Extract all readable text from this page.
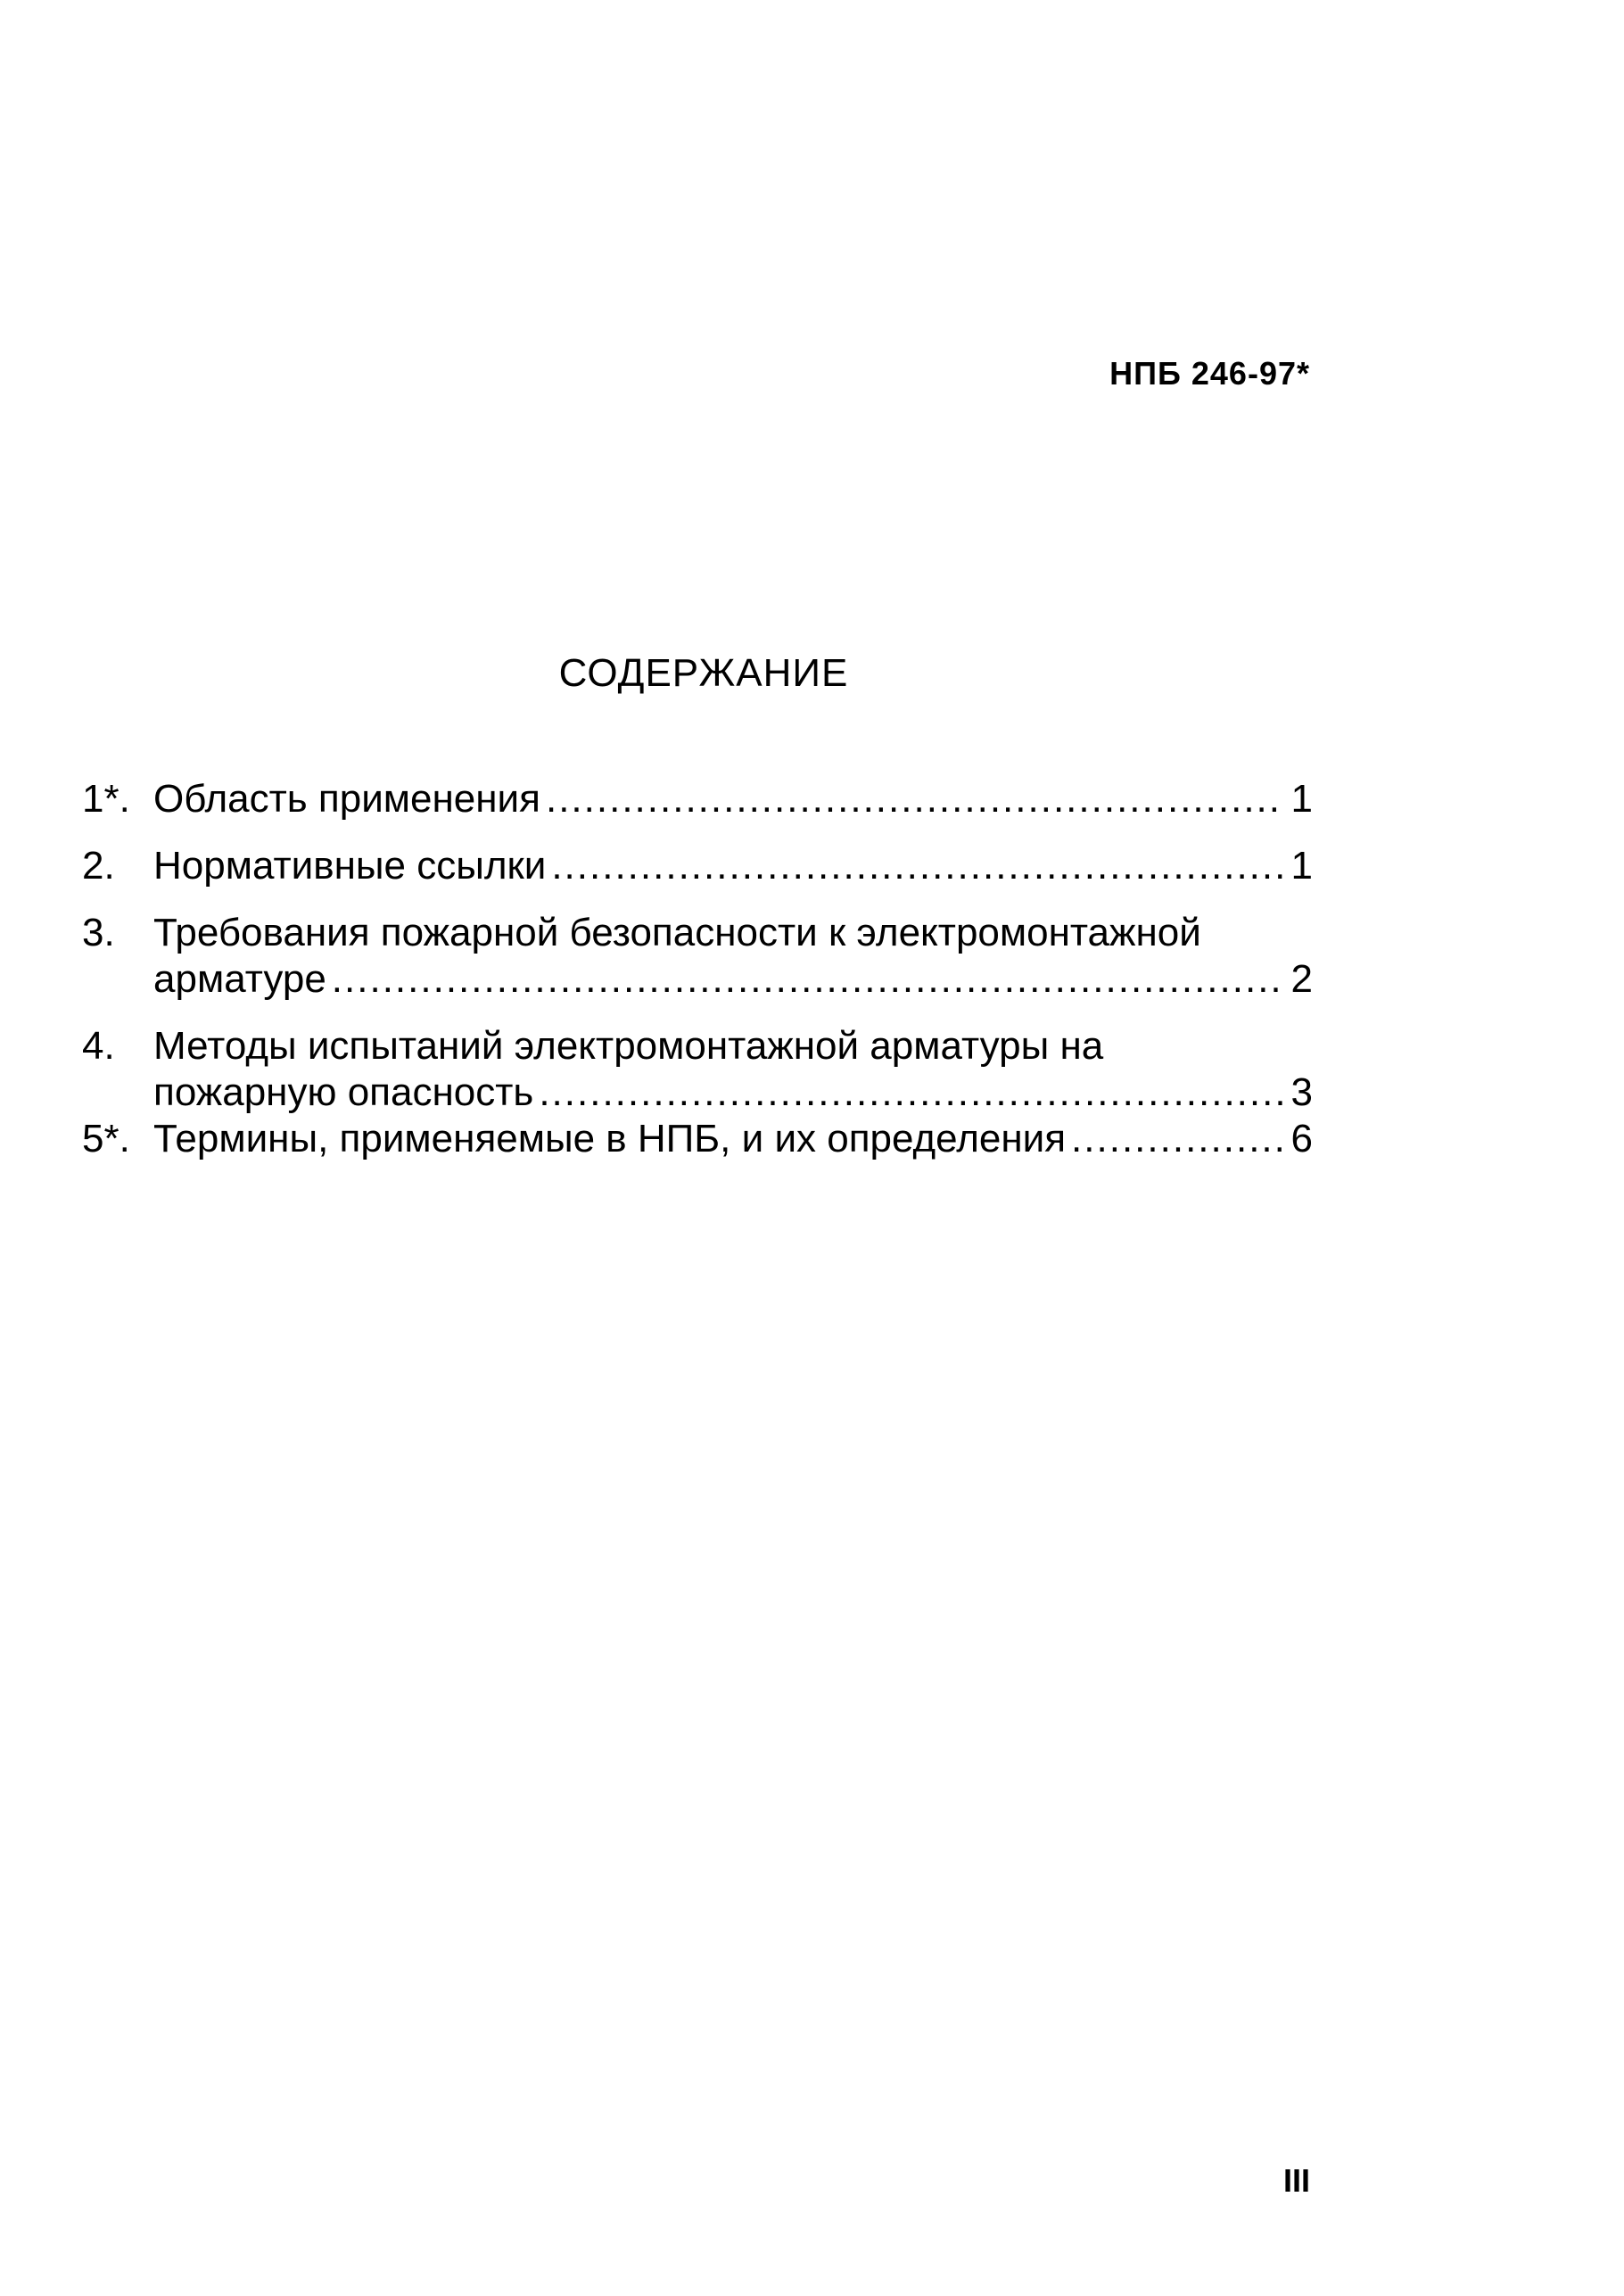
НПБ 246-97*
СОДЕРЖАНИЕ
1*. Область применения .....	1
2. Нормативные ссылки .....	1
3. Требования пожарной безопасности к электромонтажной
арматуре .....	2
4. Методы испытаний электромонтажной арматуры на
пожарную опасность .....	3
5*. Термины, применяемые в НПБ, и их определения .....	6
III
